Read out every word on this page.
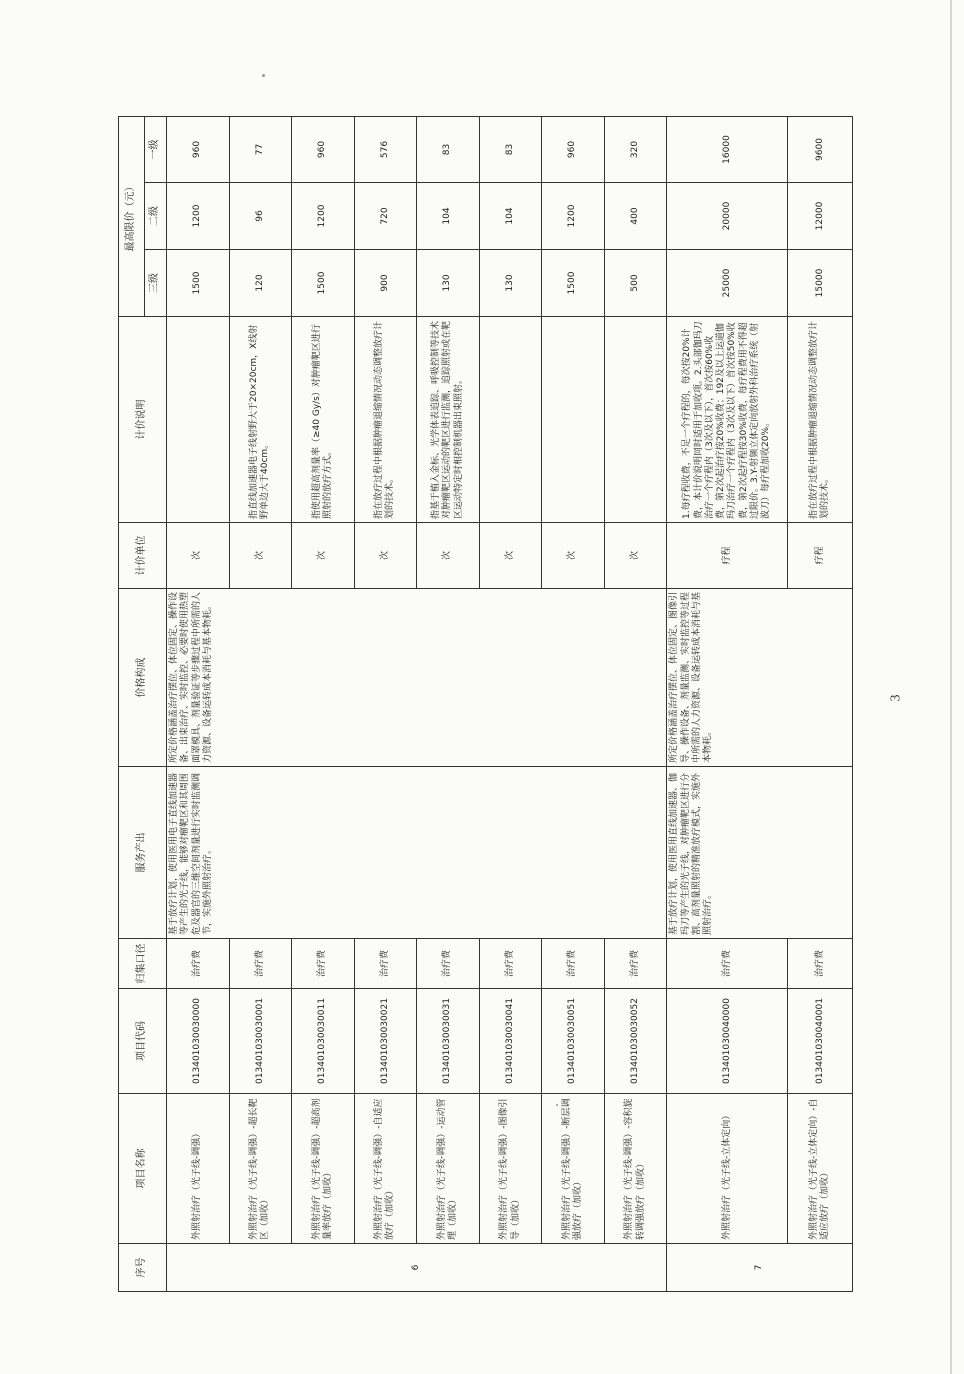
序号	项目名称	项目代码	归集口径	服务产出	价格构成	计价单位	计价说明	最高限价（元）		
								三级	二级	一级
6	外照射治疗（光子线-调强）	013401030030000	治疗费	基于放疗计划，使用医用电子直线加速器等产生的光子线，能够对瘤靶区和其周围危及器官的三维空间剂量进行实时监测调节，实施外照射治疗。	所定价格涵盖治疗摆位、体位固定、操作设备、出束治疗、实时监控、必要时使用热塑面罩模具、剂量验证等步骤过程中所需的人力资源、设备运转成本消耗与基本物耗。	次		1500	1200	960
	外照射治疗（光子线-调强）-超长靶区（加收）	013401030030001	治疗费			次	指直线加速器电子线射野大于20×20cm，X线射野单边大于40cm。	120	96	77
	外照射治疗（光子线-调强）-超高剂量率放疗（加收）	013401030030011	治疗费			次	指使用超高剂量率（≥40 Gy/s）对肿瘤靶区进行照射的放疗方式。	1500	1200	960
	外照射治疗（光子线-调强）-自适应放疗（加收）	013401030030021	治疗费			次	指在放疗过程中根据肿瘤退缩情况动态调整放疗计划的技术。	900	720	576
	外照射治疗（光子线-调强）-运动管理（加收）	013401030030031	治疗费			次	指基于植入金标、光学体表追踪、呼吸控制等技术对肿瘤靶区运动的靶区进行监测，追踪照射或在靶区运动特定时相控制机器出束照射。	130	104	83
	外照射治疗（光子线-调强）-图像引导（加收）	013401030030041	治疗费			次		130	104	83
	外照射治疗（光子线-调强）-断层调强放疗（加收）	013401030030051	治疗费			次		1500	1200	960
	外照射治疗（光子线-调强）-容积旋转调强放疗（加收）	013401030030052	治疗费			次		500	400	320
7	外照射治疗（光子线-立体定向）	013401030040000	治疗费	基于放疗计划，使用医用直线加速器、伽玛刀等产生的光子线，对肿瘤靶区进行分割、高剂量照射的精准放疗模式，实施外照射治疗。	所定价格涵盖治疗摆位、体位固定、图像引导、操作设备、剂量监测、实时监控等过程中所需的人力资源、设备运转成本消耗与基本物耗。	疗程	1.每疗程收费，不足一个疗程的，每次按20%计费，本计价说明同时适用于加收项。2.头部伽玛刀治疗一个疗程内（3次及以下），首次按60%收费，第2次起治疗按20%收费；192及以上运道伽玛刀治疗一个疗程内（3次及以下）首次按50%收费，第2次起疗程按30%收费，每疗程费用不得超过限价。3.Y-射频立体定向放射外科治疗系统（射波刀）每疗程加收20%。	25000	20000	16000
	外照射治疗（光子线-立体定向）-自适应放疗（加收）	013401030040001	治疗费			疗程	指在放疗过程中根据肿瘤退缩情况动态调整放疗计划的技术。	15000	12000	9600
3
